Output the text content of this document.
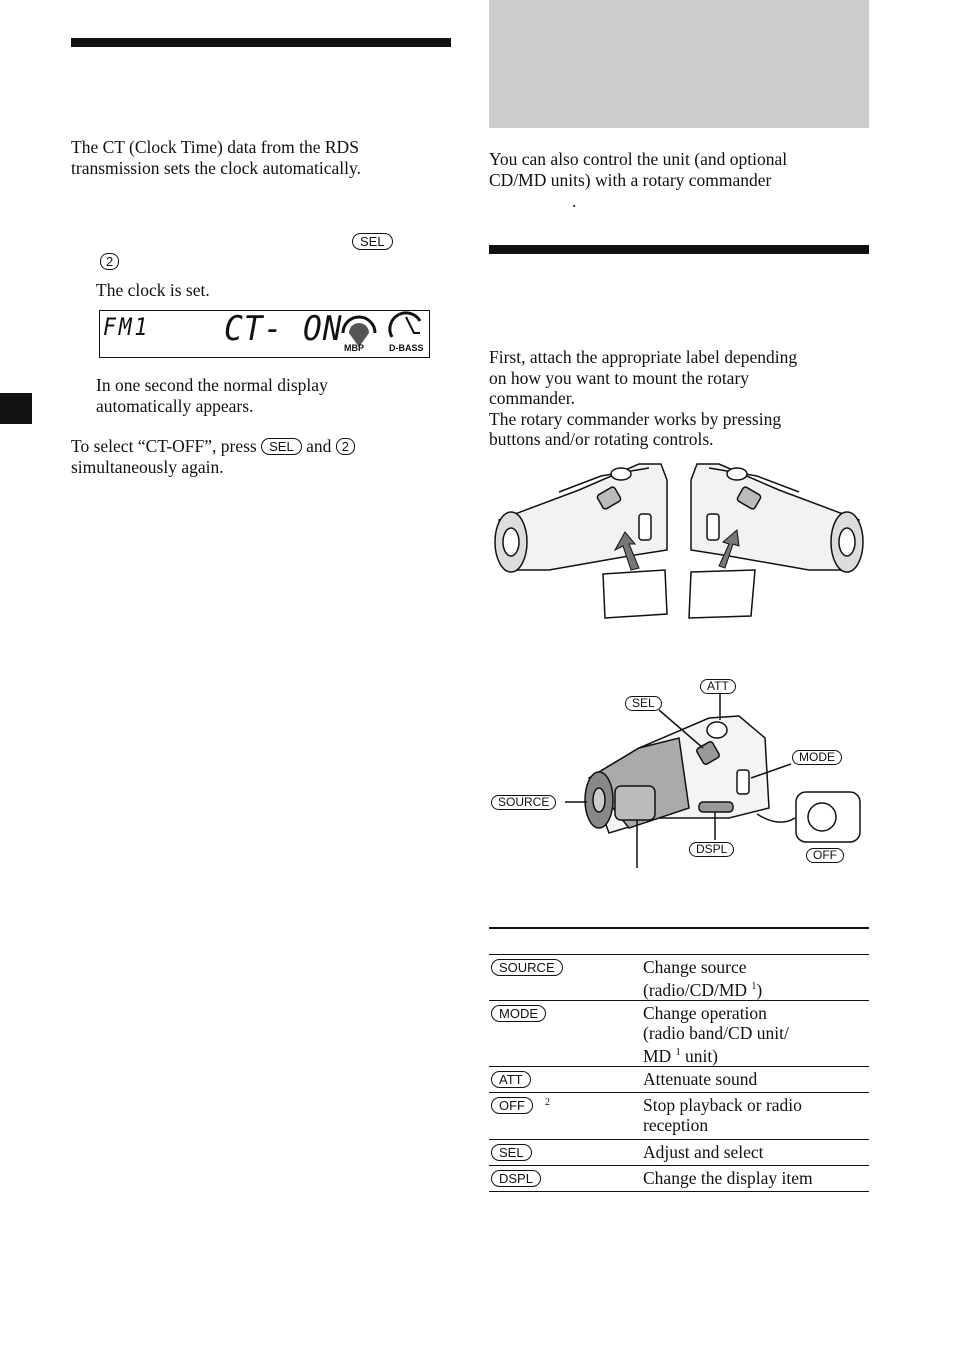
The CT (Clock Time) data from the RDS transmission sets the clock automatically.
SEL
2
The clock is set.
FM1 CT- ON MBP	D-BASS
In one second the normal display
automatically appears.
To select “CT-OFF”, press SEL and 2
simultaneously again.
You can also control the unit (and optional
CD/MD units) with a rotary commander
.
First, attach the appropriate label depending
on how you want to mount the rotary
commander.
The rotary commander works by pressing
buttons and/or rotating controls.
ATT
SEL
MODE
SOURCE
DSPL	OFF
SOURCE	Change source
(radio/CD/MD $^1$)
MODE	Change operation
(radio band/CD unit/
MD $^1$ unit)
ATT	Attenuate sound
OFF $^2$	Stop playback or radio
reception
SEL	Adjust and select
DSPL	Change the display item
